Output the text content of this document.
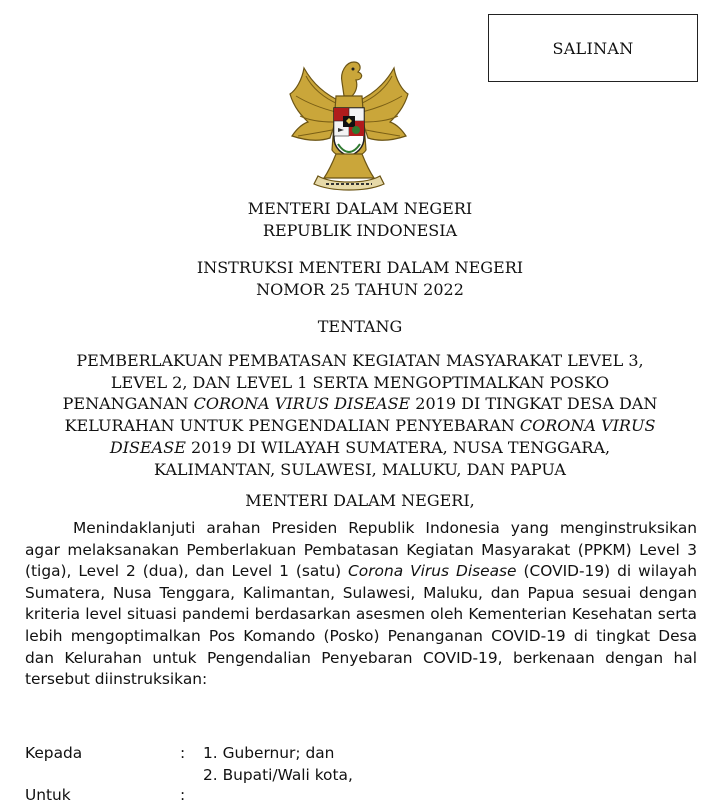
SALINAN
MENTERI DALAM NEGERI
REPUBLIK INDONESIA
INSTRUKSI MENTERI DALAM NEGERI
NOMOR 25 TAHUN 2022
TENTANG
PEMBERLAKUAN PEMBATASAN KEGIATAN MASYARAKAT LEVEL 3,
LEVEL 2, DAN LEVEL 1 SERTA MENGOPTIMALKAN POSKO
PENANGANAN CORONA VIRUS DISEASE 2019 DI TINGKAT DESA DAN
KELURAHAN UNTUK PENGENDALIAN PENYEBARAN CORONA VIRUS
DISEASE 2019 DI WILAYAH SUMATERA, NUSA TENGGARA,
KALIMANTAN, SULAWESI, MALUKU, DAN PAPUA
MENTERI DALAM NEGERI,
Menindaklanjuti arahan Presiden Republik Indonesia yang menginstruksikan agar melaksanakan Pemberlakuan Pembatasan Kegiatan Masyarakat (PPKM) Level 3 (tiga), Level 2 (dua), dan Level 1 (satu) Corona Virus Disease (COVID-19) di wilayah Sumatera, Nusa Tenggara, Kalimantan, Sulawesi, Maluku, dan Papua sesuai dengan kriteria level situasi pandemi berdasarkan asesmen oleh Kementerian Kesehatan serta lebih mengoptimalkan Pos Komando (Posko) Penanganan COVID-19 di tingkat Desa dan Kelurahan untuk Pengendalian Penyebaran COVID-19, berkenaan dengan hal tersebut diinstruksikan:
Kepada	: 1. Gubernur; dan
2. Bupati/Wali kota,
Untuk	:
